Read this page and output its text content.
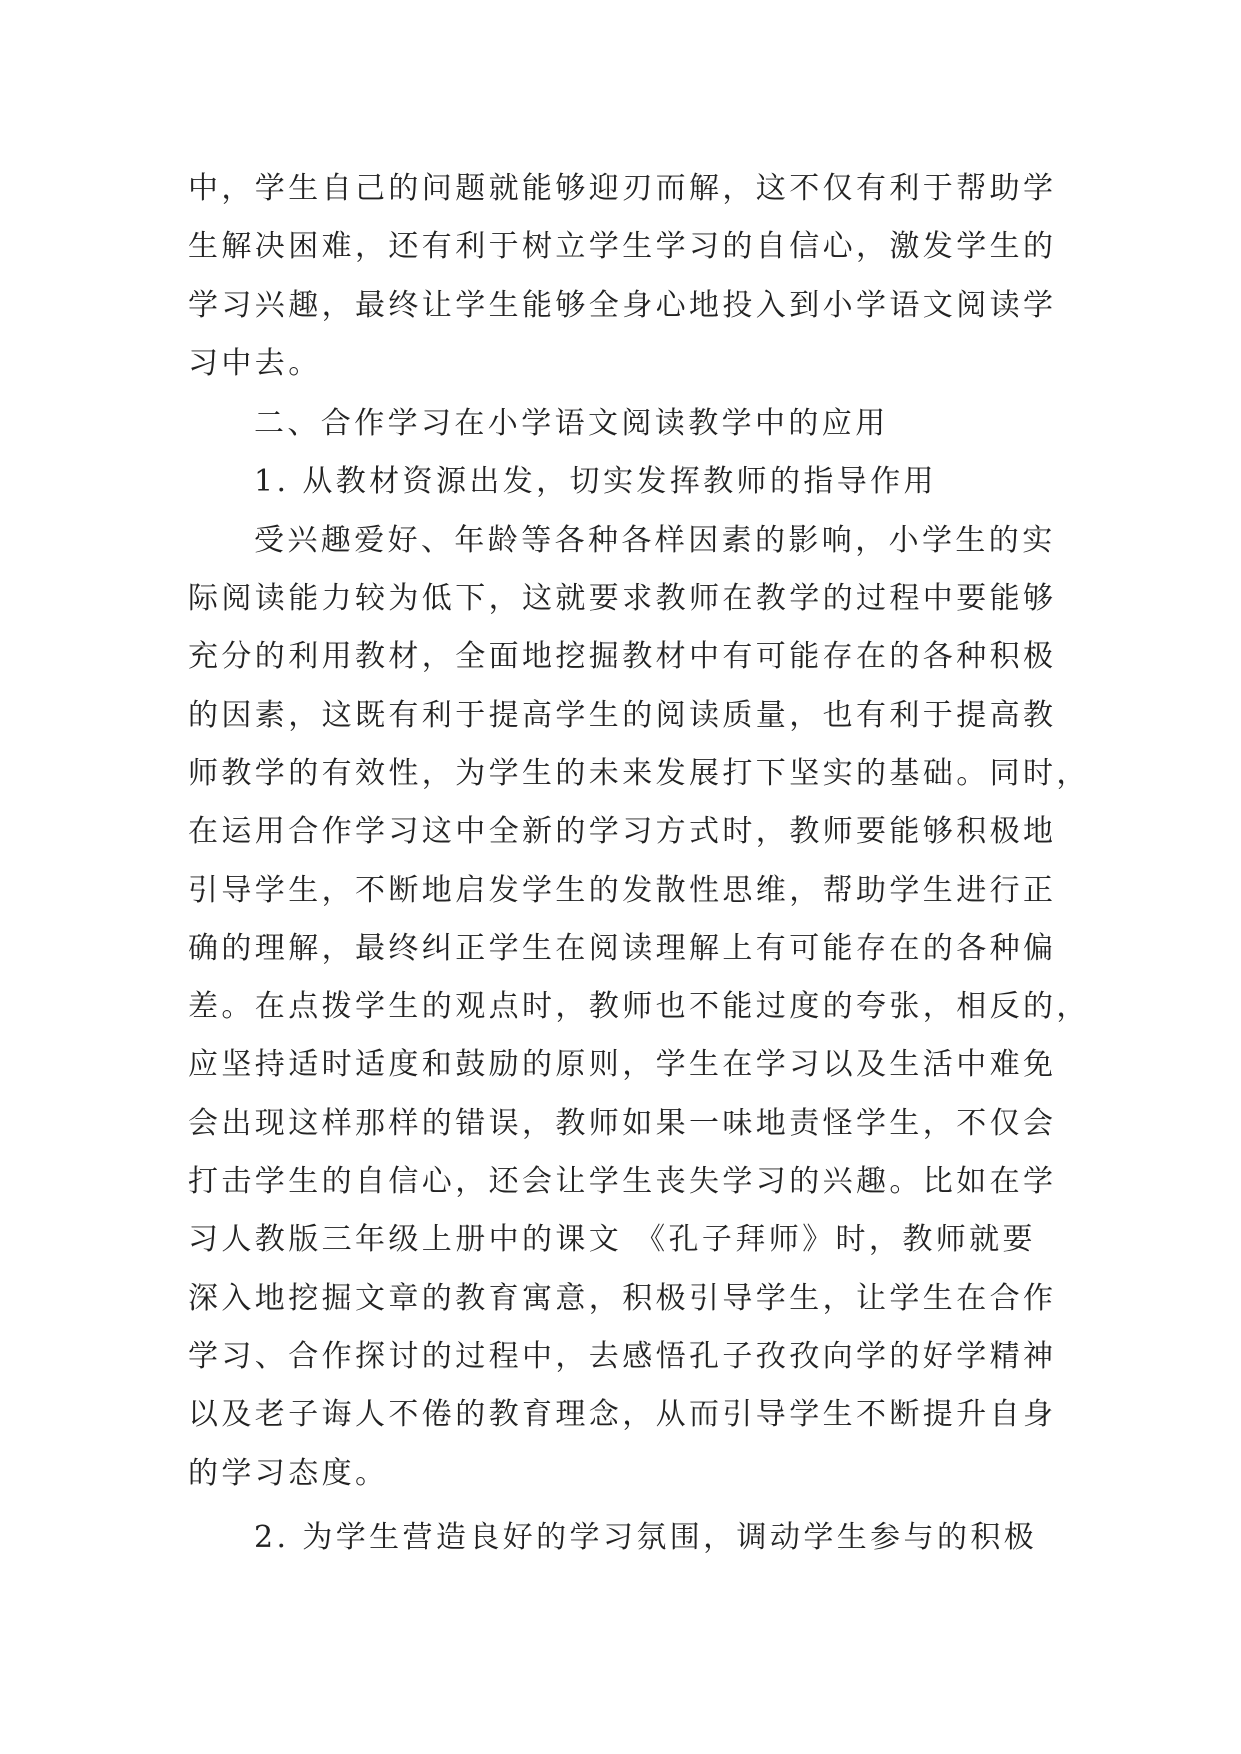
中，学生自己的问题就能够迎刃而解，这不仅有利于帮助学
生解决困难，还有利于树立学生学习的自信心，激发学生的
学习兴趣，最终让学生能够全身心地投入到小学语文阅读学
习中去。
二、合作学习在小学语文阅读教学中的应用
1. 从教材资源出发，切实发挥教师的指导作用
受兴趣爱好、年龄等各种各样因素的影响，小学生的实
际阅读能力较为低下，这就要求教师在教学的过程中要能够
充分的利用教材，全面地挖掘教材中有可能存在的各种积极
的因素，这既有利于提高学生的阅读质量，也有利于提高教
师教学的有效性，为学生的未来发展打下坚实的基础。同时，
在运用合作学习这中全新的学习方式时，教师要能够积极地
引导学生，不断地启发学生的发散性思维，帮助学生进行正
确的理解，最终纠正学生在阅读理解上有可能存在的各种偏
差。在点拨学生的观点时，教师也不能过度的夸张，相反的，
应坚持适时适度和鼓励的原则，学生在学习以及生活中难免
会出现这样那样的错误，教师如果一味地责怪学生，不仅会
打击学生的自信心，还会让学生丧失学习的兴趣。比如在学
习人教版三年级上册中的课文 《孔子拜师》时，教师就要
深入地挖掘文章的教育寓意，积极引导学生，让学生在合作
学习、合作探讨的过程中，去感悟孔子孜孜向学的好学精神
以及老子诲人不倦的教育理念，从而引导学生不断提升自身
的学习态度。
2. 为学生营造良好的学习氛围，调动学生参与的积极
